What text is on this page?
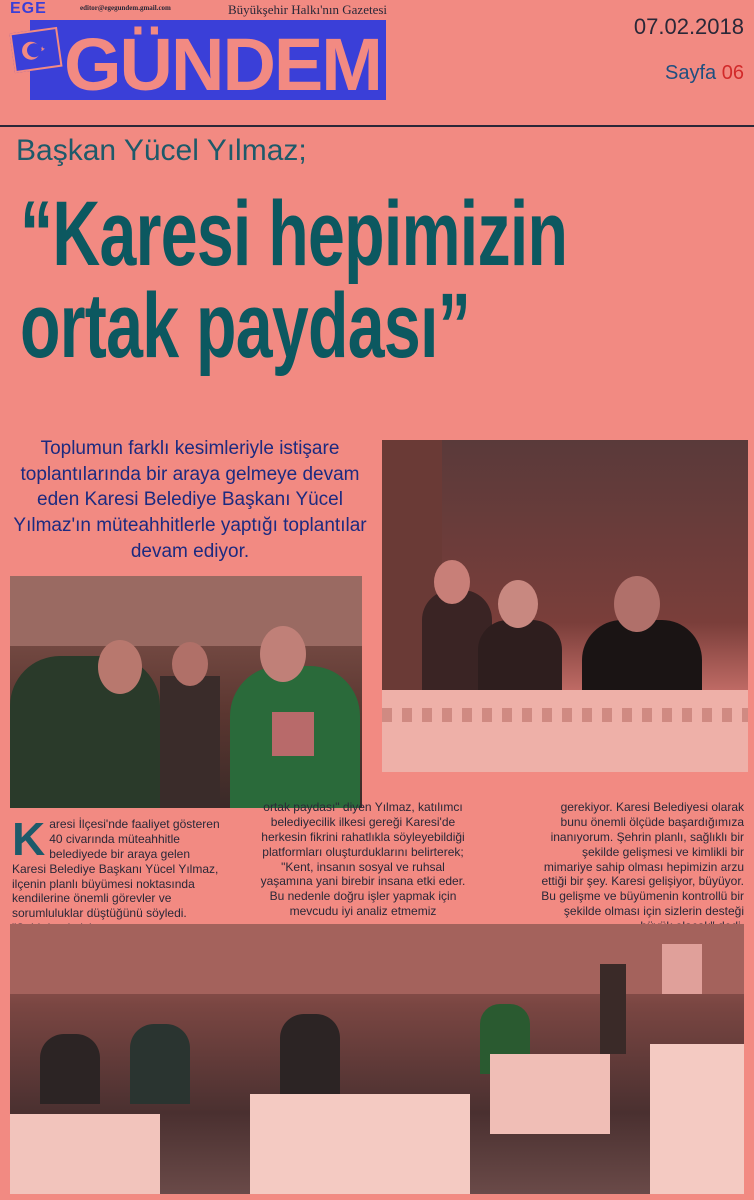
GÜNDEM
EGE	editor@egegundem.gmail.com	Büyükşehir Halkı'nın Gazetesi
07.02.2018
Sayfa 06
Başkan Yücel Yılmaz;
“Karesi hepimizin
ortak paydası”
Toplumun farklı kesimleriyle istişare toplantılarında bir araya gelmeye devam eden Karesi Belediye Başkanı Yücel Yılmaz'ın müteahhitlerle yaptığı toplantılar devam ediyor.
Karesi İlçesi'nde faaliyet gösteren 40 civarında müteahhitle belediyede bir araya gelen Karesi Belediye Başkanı Yücel Yılmaz, ilçenin planlı büyümesi noktasında kendilerine önemli görevler ve sorumluluklar düştüğünü söyledi.
ortak paydası" diyen Yılmaz, katılımcı belediyecilik ilkesi gereği Karesi'de herkesin fikrini rahatlıkla söyleyebildiği platformları oluşturduklarını belirterek; "Kent, insanın sosyal ve ruhsal yaşamına yani birebir insana etki eder. Bu nedenle doğru işler yapmak için mevcudu iyi analiz etmemiz
gerekiyor. Karesi Belediyesi olarak bunu önemli ölçüde başardığımıza inanıyorum. Şehrin planlı, sağlıklı bir şekilde gelişmesi ve kimlikli bir mimariye sahip olması hepimizin arzu ettiği bir şey. Karesi gelişiyor, büyüyor. Bu gelişme ve büyümenin kontrollü bir şekilde olması için sizlerin desteği
